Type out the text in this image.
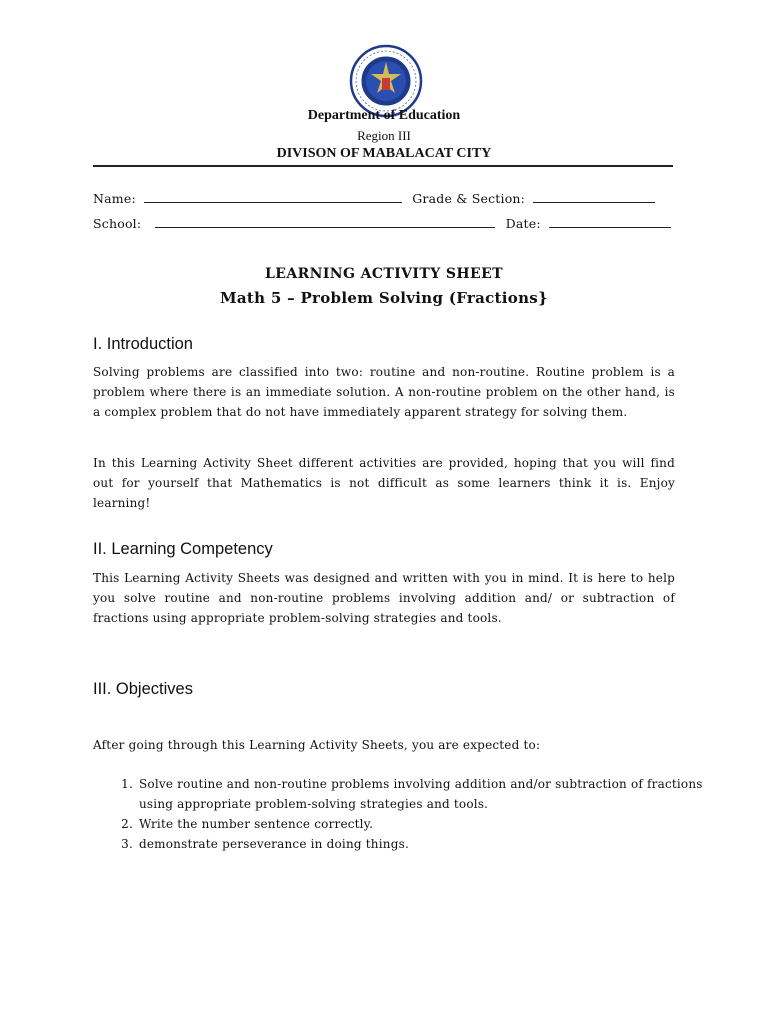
Department of Education
Region III
DIVISON OF MABALACAT CITY
Name:	Grade & Section:
School:	Date:
LEARNING ACTIVITY SHEET
Math 5 – Problem Solving (Fractions}
I. Introduction

Solving problems are classified into two: routine and non-routine. Routine problem is a problem where there is an immediate solution. A non-routine problem on the other hand, is a complex problem that do not have immediately apparent strategy for solving them.

In this Learning Activity Sheet different activities are provided, hoping that you will find out for yourself that Mathematics is not difficult as some learners think it is. Enjoy learning!

II. Learning Competency

This Learning Activity Sheets was designed and written with you in mind. It is here to help you solve routine and non-routine problems involving addition and/ or subtraction of fractions using appropriate problem-solving strategies and tools.

III. Objectives

After going through this Learning Activity Sheets, you are expected to:

1. Solve routine and non-routine problems involving addition and/or subtraction of fractions using appropriate problem-solving strategies and tools.
2. Write the number sentence correctly.
3. demonstrate perseverance in doing things.
